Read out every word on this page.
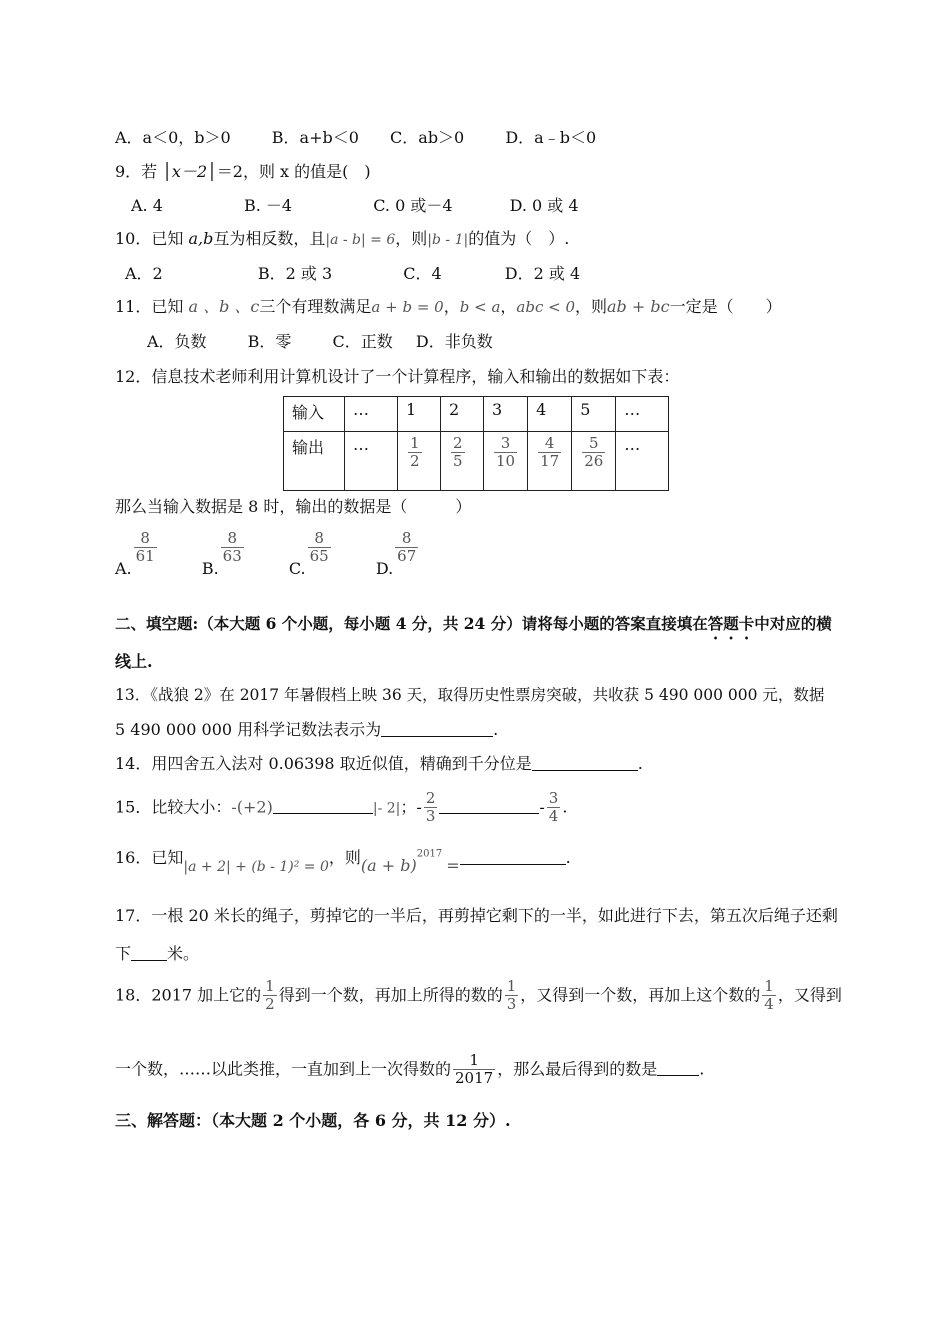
A．a＜0，b＞0	B．a+b＜0 C．ab＞0	D．a﹣b＜0
9．若 │x－2│＝2，则 x 的值是(　)
A. 4	B. －4	C. 0 或－4	D. 0 或 4
10．已知 a,b互为相反数，且|a - b| = 6，则|b - 1|的值为（　）.
A．2	B．2 或 3	C．4	D．2 或 4
11．已知 a 、b 、c三个有理数满足a + b = 0，b < a，abc < 0，则ab + bc一定是（　　）
A．负数	B．零	C．正数 D．非负数
12．信息技术老师利用计算机设计了一个计算程序，输入和输出的数据如下表：
输入	…	1	2	3	4	5	…
输出	…	$\frac{1}{2}$	$\frac{2}{5}$	$\frac{3}{10}$	$\frac{4}{17}$	$\frac{5}{26}$	…
那么当输入数据是 8 时，输出的数据是（　　　）
A.
$\frac{8}{61}$
B.
$\frac{8}{63}$
C.
$\frac{8}{65}$
D.
$\frac{8}{67}$
二、填空题:（本大题 6 个小题，每小题 4 分，共 24 分）请将每小题的答案直接填在答题卡中对应的横
线上.
13．《战狼 2》在 2017 年暑假档上映 36 天，取得历史性票房突破，共收获 5 490 000 000 元，数据
5 490 000 000 用科学记数法表示为	.
14．用四舍五入法对 0.06398 取近似值，精确到千分位是	.
15．比较大小：-(+2)	|- 2|；- $\frac{2}{3}$	- $\frac{3}{4}$ .
16．已知|a + 2| + (b - 1)² = 0，则$(a + b)^{2017}=$	.
17．一根 20 米长的绳子，剪掉它的一半后，再剪掉它剩下的一半，如此进行下去，第五次后绳子还剩
下 米。
18．2017 加上它的 $\frac{1}{2}$ 得到一个数，再加上所得的数的 $\frac{1}{3}$ ，又得到一个数，再加上这个数的 $\frac{1}{4}$ ，又得到
一个数，……以此类推，一直加到上一次得数的 $\frac{1}{2017}$ ，那么最后得到的数是	.
三、解答题：（本大题 2 个小题，各 6 分，共 12 分）.
